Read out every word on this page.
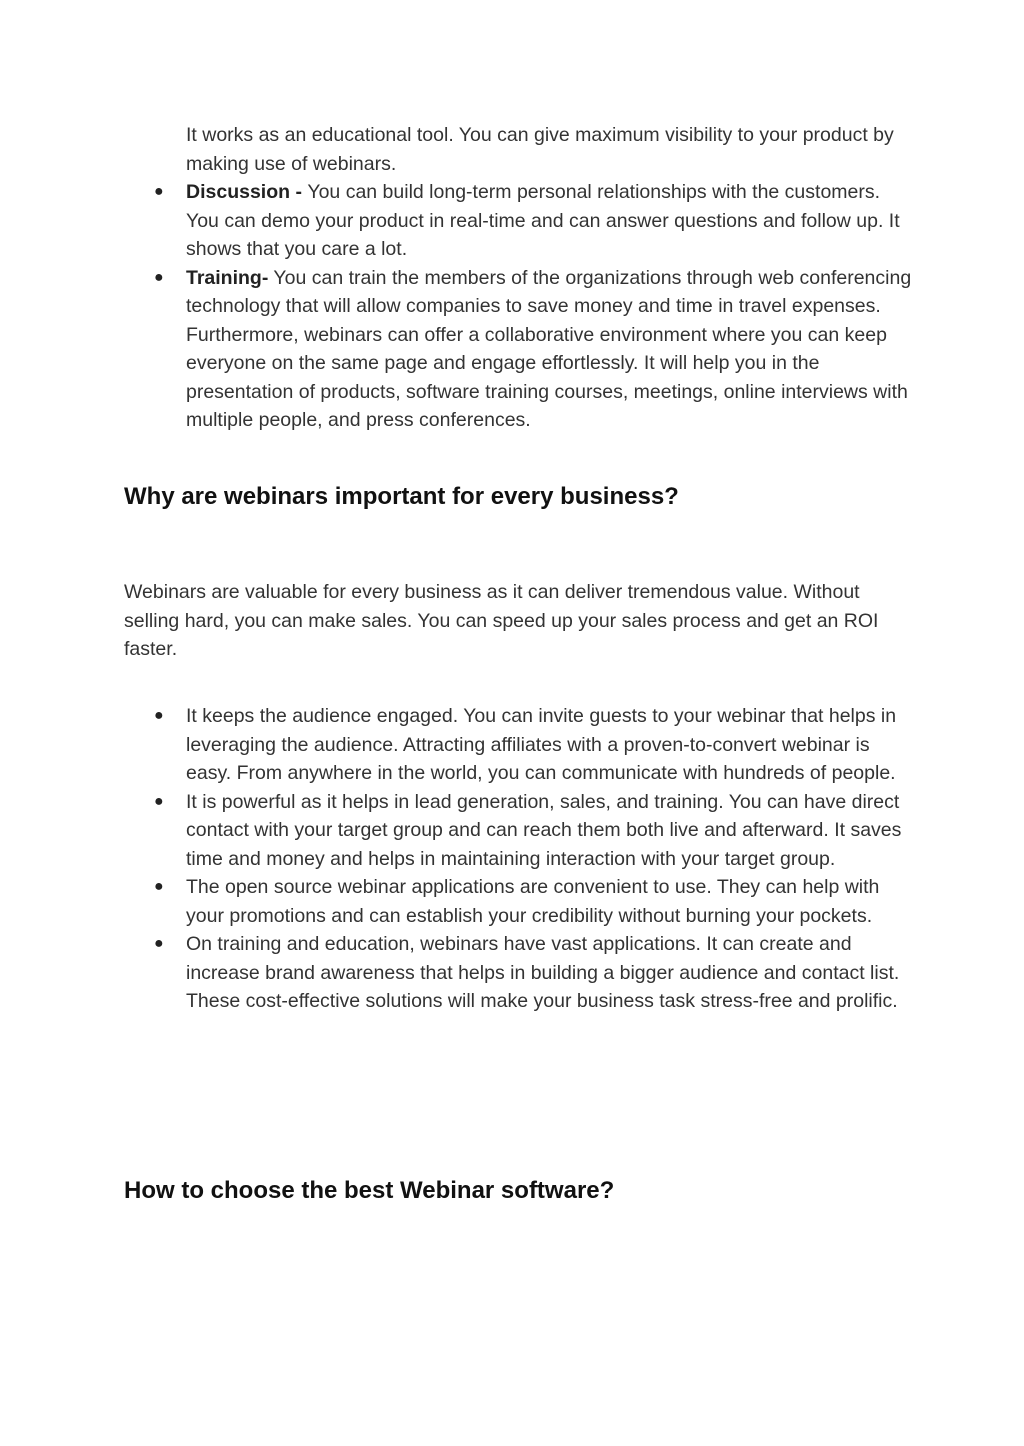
It works as an educational tool. You can give maximum visibility to your product by making use of webinars.
● Discussion - You can build long-term personal relationships with the customers. You can demo your product in real-time and can answer questions and follow up. It shows that you care a lot.
● Training- You can train the members of the organizations through web conferencing technology that will allow companies to save money and time in travel expenses. Furthermore, webinars can offer a collaborative environment where you can keep everyone on the same page and engage effortlessly. It will help you in the presentation of products, software training courses, meetings, online interviews with multiple people, and press conferences.
Why are webinars important for every business?

Webinars are valuable for every business as it can deliver tremendous value. Without selling hard, you can make sales. You can speed up your sales process and get an ROI faster.

● It keeps the audience engaged. You can invite guests to your webinar that helps in leveraging the audience. Attracting affiliates with a proven-to-convert webinar is easy. From anywhere in the world, you can communicate with hundreds of people.
● It is powerful as it helps in lead generation, sales, and training. You can have direct contact with your target group and can reach them both live and afterward. It saves time and money and helps in maintaining interaction with your target group.
● The open source webinar applications are convenient to use. They can help with your promotions and can establish your credibility without burning your pockets.
● On training and education, webinars have vast applications. It can create and increase brand awareness that helps in building a bigger audience and contact list. These cost-effective solutions will make your business task stress-free and prolific.
How to choose the best Webinar software?
